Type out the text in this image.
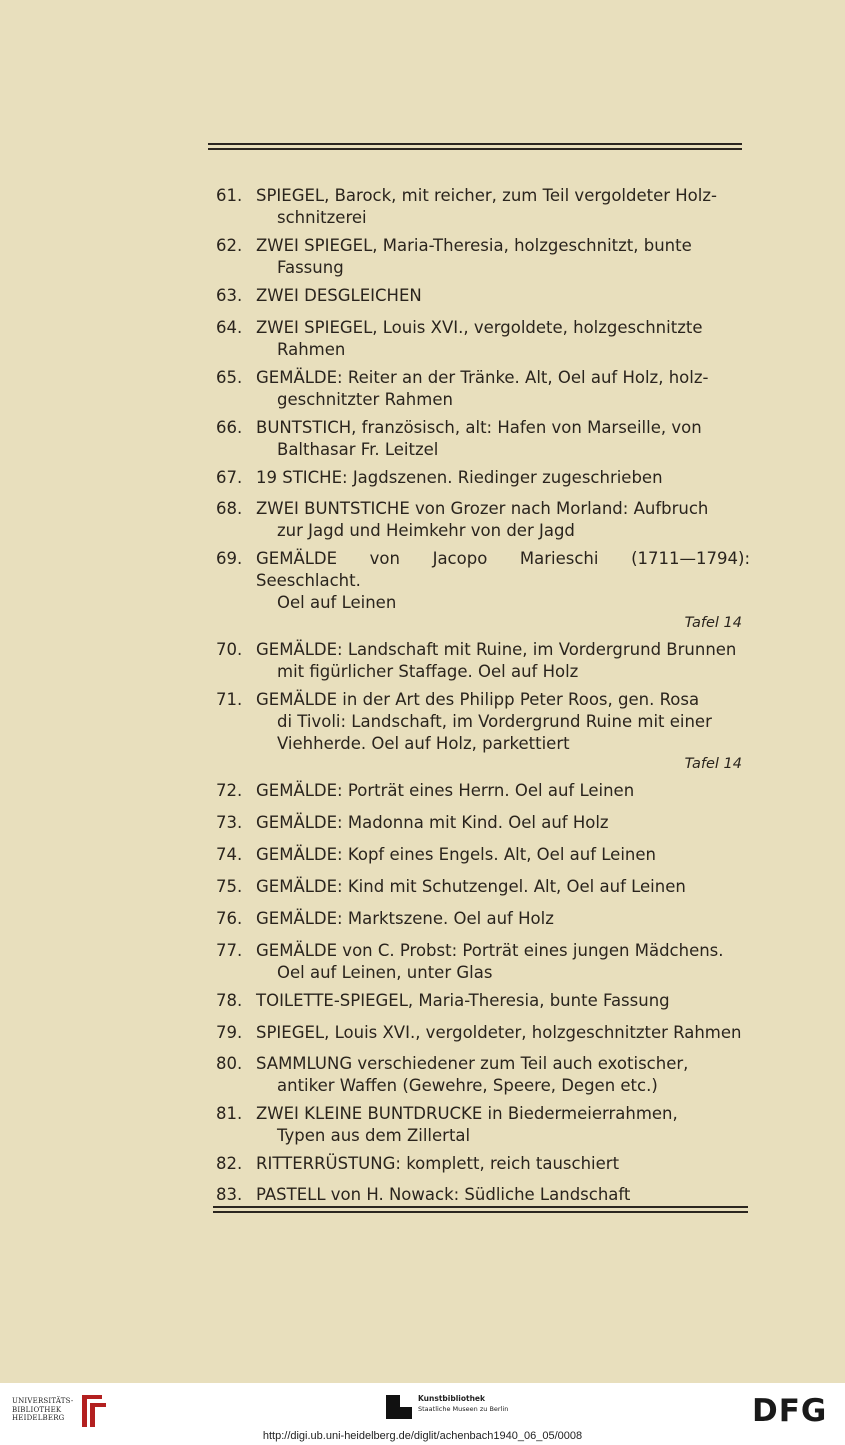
61. SPIEGEL, Barock, mit reicher, zum Teil vergoldeter Holz-
schnitzerei
62. ZWEI SPIEGEL, Maria-Theresia, holzgeschnitzt, bunte
Fassung
63. ZWEI DESGLEICHEN
64. ZWEI SPIEGEL, Louis XVI., vergoldete, holzgeschnitzte
Rahmen
65. GEMÄLDE: Reiter an der Tränke. Alt, Oel auf Holz, holz-
geschnitzter Rahmen
66. BUNTSTICH, französisch, alt: Hafen von Marseille, von
Balthasar Fr. Leitzel
67. 19 STICHE: Jagdszenen. Riedinger zugeschrieben
68. ZWEI BUNTSTICHE von Grozer nach Morland: Aufbruch
zur Jagd und Heimkehr von der Jagd
69. GEMÄLDE von Jacopo Marieschi (1711—1794): Seeschlacht.
Oel auf Leinen
Tafel 14
70. GEMÄLDE: Landschaft mit Ruine, im Vordergrund Brunnen
mit figürlicher Staffage. Oel auf Holz
71. GEMÄLDE in der Art des Philipp Peter Roos, gen. Rosa
di Tivoli: Landschaft, im Vordergrund Ruine mit einer
Viehherde. Oel auf Holz, parkettiert
Tafel 14
72. GEMÄLDE: Porträt eines Herrn. Oel auf Leinen
73. GEMÄLDE: Madonna mit Kind. Oel auf Holz
74. GEMÄLDE: Kopf eines Engels. Alt, Oel auf Leinen
75. GEMÄLDE: Kind mit Schutzengel. Alt, Oel auf Leinen
76. GEMÄLDE: Marktszene. Oel auf Holz
77. GEMÄLDE von C. Probst: Porträt eines jungen Mädchens.
Oel auf Leinen, unter Glas
78. TOILETTE-SPIEGEL, Maria-Theresia, bunte Fassung
79. SPIEGEL, Louis XVI., vergoldeter, holzgeschnitzter Rahmen
80. SAMMLUNG verschiedener zum Teil auch exotischer,
antiker Waffen (Gewehre, Speere, Degen etc.)
81. ZWEI KLEINE BUNTDRUCKE in Biedermeierrahmen,
Typen aus dem Zillertal
82. RITTERRÜSTUNG: komplett, reich tauschiert
83. PASTELL von H. Nowack: Südliche Landschaft
UNIVERSITÄTS-
BIBLIOTHEK
HEIDELBERG
Kunstbibliothek
Staatliche Museen zu Berlin	DFG
http://digi.ub.uni-heidelberg.de/diglit/achenbach1940_06_05/0008
